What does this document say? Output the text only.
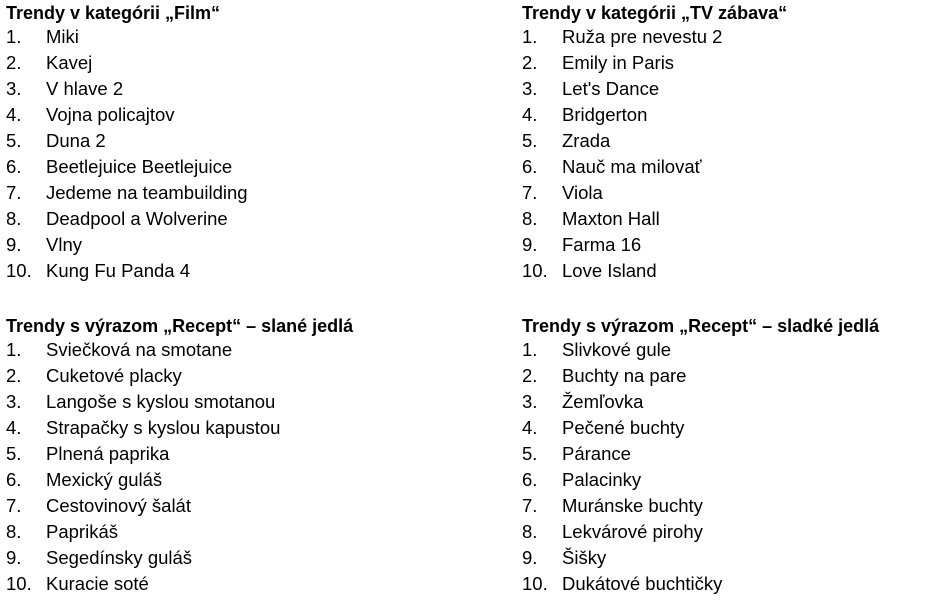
Trendy v kategórii „Film“
1.	Miki
2.	Kavej
3.	V hlave 2
4.	Vojna policajtov
5.	Duna 2
6.	Beetlejuice Beetlejuice
7.	Jedeme na teambuilding
8.	Deadpool a Wolverine
9.	Vlny
10. Kung Fu Panda 4
Trendy v kategórii „TV zábava“
1.	Ruža pre nevestu 2
2.	Emily in Paris
3.	Let's Dance
4.	Bridgerton
5.	Zrada
6.	Nauč ma milovať
7.	Viola
8.	Maxton Hall
9.	Farma 16
10. Love Island
Trendy s výrazom „Recept“ – slané jedlá
1.	Sviečková na smotane
2.	Cuketové placky
3.	Langoše s kyslou smotanou
4.	Strapačky s kyslou kapustou
5.	Plnená paprika
6.	Mexický guláš
7.	Cestovinový šalát
8.	Paprikáš
9.	Segedínsky guláš
10. Kuracie soté
Trendy s výrazom „Recept“ – sladké jedlá
1.	Slivkové gule
2.	Buchty na pare
3.	Žemľovka
4.	Pečené buchty
5.	Párance
6.	Palacinky
7.	Muránske buchty
8.	Lekvárové pirohy
9.	Šišky
10. Dukátové buchtičky
